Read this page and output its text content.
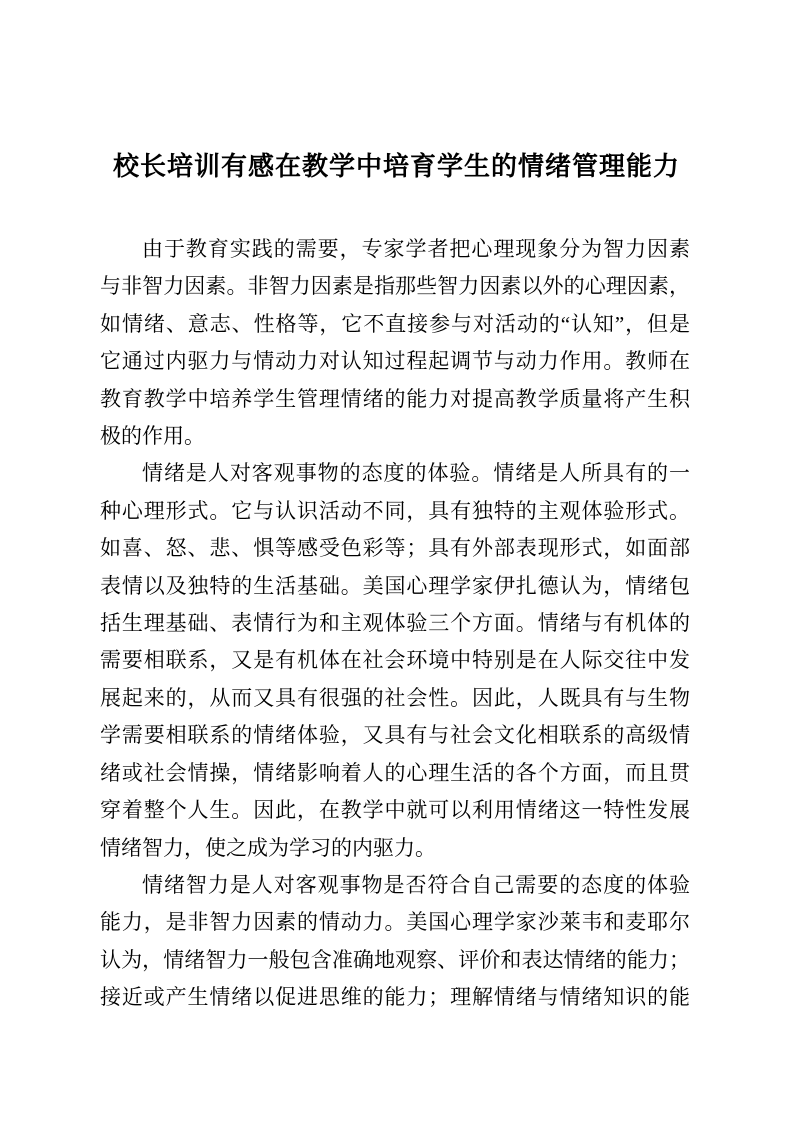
校长培训有感在教学中培育学生的情绪管理能力
由于教育实践的需要，专家学者把心理现象分为智力因素
与非智力因素。非智力因素是指那些智力因素以外的心理因素，
如情绪、意志、性格等，它不直接参与对活动的“认知”，但是
它通过内驱力与情动力对认知过程起调节与动力作用。教师在
教育教学中培养学生管理情绪的能力对提高教学质量将产生积
极的作用。
情绪是人对客观事物的态度的体验。情绪是人所具有的一
种心理形式。它与认识活动不同，具有独特的主观体验形式。
如喜、怒、悲、惧等感受色彩等；具有外部表现形式，如面部
表情以及独特的生活基础。美国心理学家伊扎德认为，情绪包
括生理基础、表情行为和主观体验三个方面。情绪与有机体的
需要相联系，又是有机体在社会环境中特别是在人际交往中发
展起来的，从而又具有很强的社会性。因此，人既具有与生物
学需要相联系的情绪体验，又具有与社会文化相联系的高级情
绪或社会情操，情绪影响着人的心理生活的各个方面，而且贯
穿着整个人生。因此，在教学中就可以利用情绪这一特性发展
情绪智力，使之成为学习的内驱力。
情绪智力是人对客观事物是否符合自己需要的态度的体验
能力，是非智力因素的情动力。美国心理学家沙莱韦和麦耶尔
认为，情绪智力一般包含准确地观察、评价和表达情绪的能力；
接近或产生情绪以促进思维的能力；理解情绪与情绪知识的能
